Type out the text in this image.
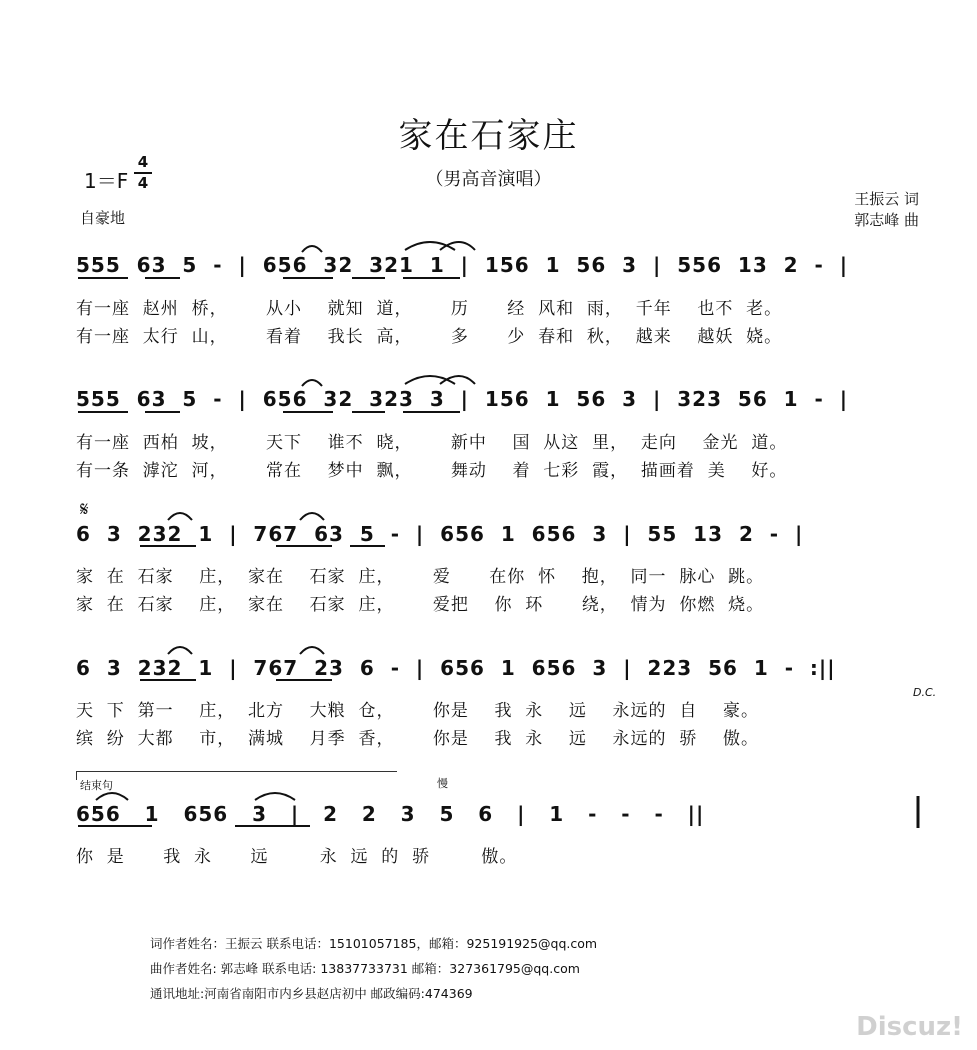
家在石家庄
（男高音演唱）
1＝F
4
4
自豪地
王振云 词
郭志峰 曲
555  63  5  -  |  656  32  321  1  |  156  1  56  3  |  556  13  2  -  |
有一座  赵州  桥，      从小    就知  道，      历      经  风和  雨，  千年    也不  老。
有一座  太行  山，      看着    我长  高，      多      少  春和  秋，  越来    越妖  娆。
555  63  5  -  |  656  32  323  3  |  156  1  56  3  |  323  56  1  -  |
有一座  西柏  坡，      天下    谁不  晓，      新中    国  从这  里，  走向    金光  道。
有一条  滹沱  河，      常在    梦中  飘，      舞动    着  七彩  霞，  描画着  美    好。
𝄋
6  3  232  1  |  767  63  5  -  |  656  1  656  3  |  55  13  2  -  |
家  在  石家    庄，  家在    石家  庄，      爱      在你  怀    抱，  同一  脉心  跳。
家  在  石家    庄，  家在    石家  庄，      爱把    你  环      绕，  情为  你燃  烧。
6  3  232  1  |  767  23  6  -  |  656  1  656  3  |  223  56  1  -  :||
D.C.
天  下  第一    庄，  北方    大粮  仓，      你是    我  永    远    永远的  自    豪。
缤  纷  大都    市，  满城    月季  香，      你是    我  永    远    永远的  骄    傲。
结束句	慢
656   1   656   3   |   2   2   3   5   6   |   1   -   -   -   ||
你  是      我  永      远        永  远  的  骄        傲。
词作者姓名：王振云 联系电话：15101057185，邮箱：925191925@qq.com
曲作者姓名: 郭志峰 联系电话: 13837733731 邮箱：327361795@qq.com
通讯地址:河南省南阳市内乡县赵店初中 邮政编码:474369
Discuz!
